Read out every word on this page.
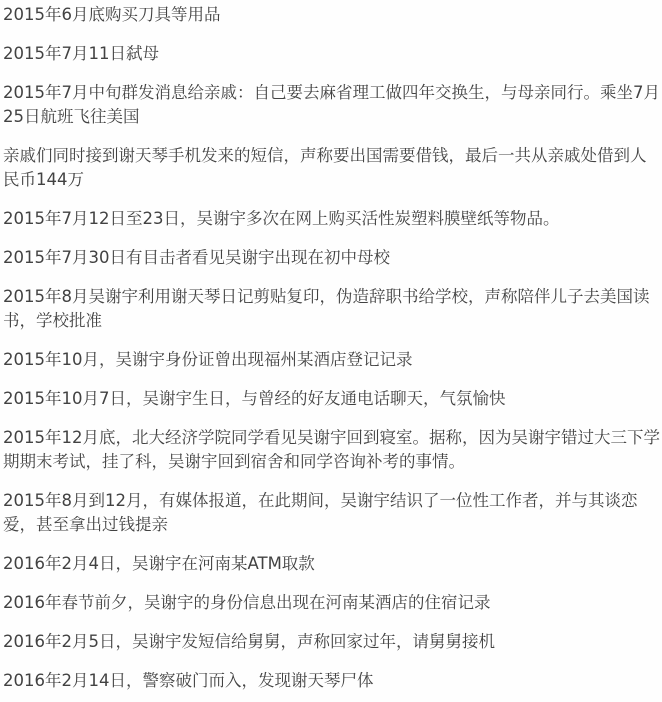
2015年6月底购买刀具等用品

2015年7月11日弑母

2015年7月中旬群发消息给亲戚：自己要去麻省理工做四年交换生，与母亲同行。乘坐7月25日航班飞往美国

亲戚们同时接到谢天琴手机发来的短信，声称要出国需要借钱，最后一共从亲戚处借到人民币144万

2015年7月12日至23日，吴谢宇多次在网上购买活性炭塑料膜壁纸等物品。

2015年7月30日有目击者看见吴谢宇出现在初中母校

2015年8月吴谢宇利用谢天琴日记剪贴复印，伪造辞职书给学校，声称陪伴儿子去美国读书，学校批准

2015年10月，吴谢宇身份证曾出现福州某酒店登记记录

2015年10月7日，吴谢宇生日，与曾经的好友通电话聊天，气氛愉快

2015年12月底，北大经济学院同学看见吴谢宇回到寝室。据称，因为吴谢宇错过大三下学期期末考试，挂了科，吴谢宇回到宿舍和同学咨询补考的事情。

2015年8月到12月，有媒体报道，在此期间，吴谢宇结识了一位性工作者，并与其谈恋爱，甚至拿出过钱提亲

2016年2月4日，吴谢宇在河南某ATM取款

2016年春节前夕，吴谢宇的身份信息出现在河南某酒店的住宿记录

2016年2月5日，吴谢宇发短信给舅舅，声称回家过年，请舅舅接机

2016年2月14日，警察破门而入，发现谢天琴尸体
